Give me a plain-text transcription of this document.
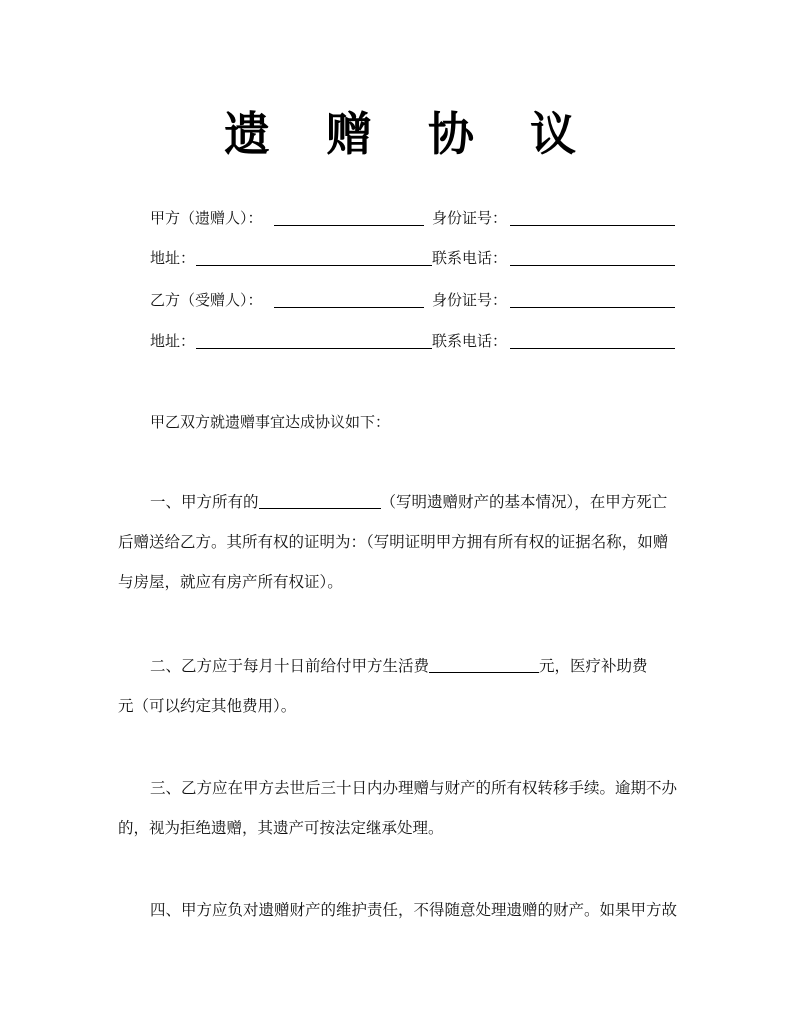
遗 赠 协 议
甲方（遗赠人）：	身份证号：
地址：	联系电话：
乙方（受赠人）：	身份证号：
地址：	联系电话：
甲乙双方就遗赠事宜达成协议如下：
一、甲方所有的	（写明遗赠财产的基本情况），在甲方死亡
后赠送给乙方。其所有权的证明为：（写明证明甲方拥有所有权的证据名称，如赠
与房屋，就应有房产所有权证）。
二、乙方应于每月十日前给付甲方生活费	元，医疗补助费
元（可以约定其他费用）。
三、乙方应在甲方去世后三十日内办理赠与财产的所有权转移手续。逾期不办
的，视为拒绝遗赠，其遗产可按法定继承处理。
四、甲方应负对遗赠财产的维护责任，不得随意处理遗赠的财产。如果甲方故
